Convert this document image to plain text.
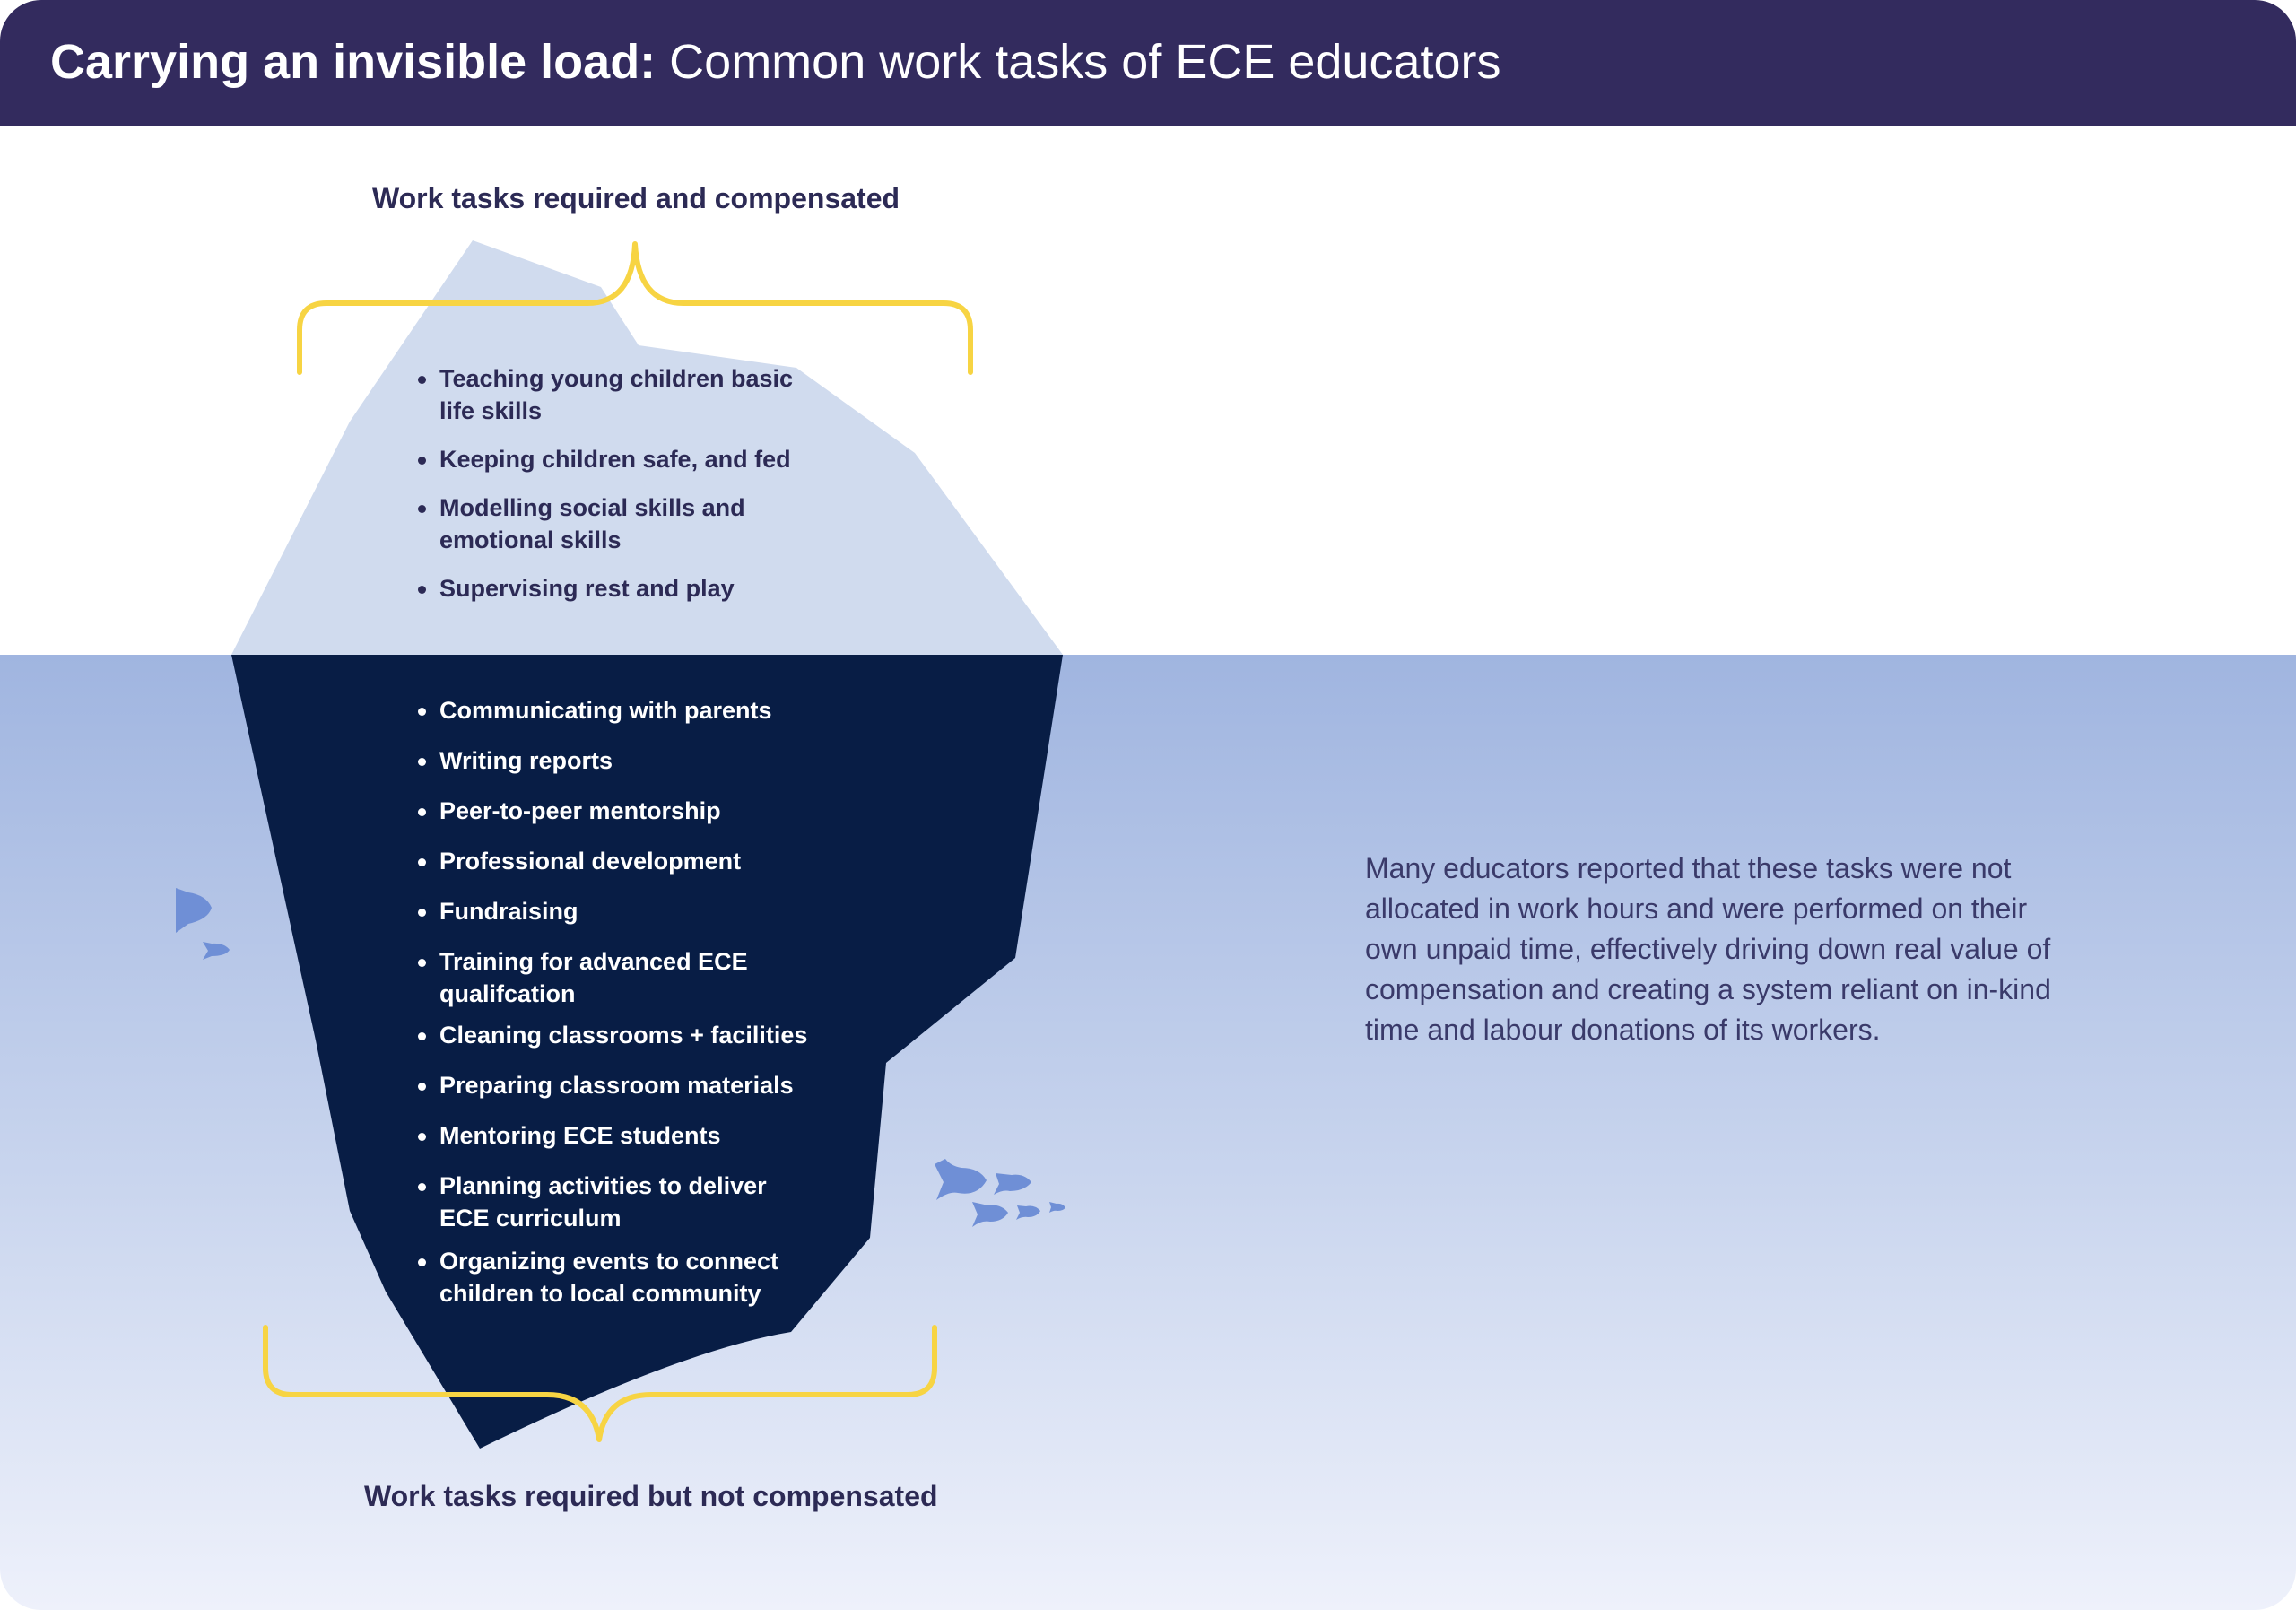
Carrying an invisible load: Common work tasks of ECE educators
Work tasks required and compensated
Teaching young children basic life skills
Keeping children safe, and fed
Modelling social skills and emotional skills
Supervising rest and play
Communicating with parents
Writing reports
Peer-to-peer mentorship
Professional development
Fundraising
Training for advanced ECE qualifcation
Cleaning classrooms + facilities
Preparing classroom materials
Mentoring ECE students
Planning activities to deliver ECE curriculum
Organizing events to connect children to local community
Work tasks required but not compensated
Many educators reported that these tasks were not allocated in work hours and were performed on their own unpaid time, effectively driving down real value of compensation and creating a system reliant on in-kind time and labour donations of its workers.
